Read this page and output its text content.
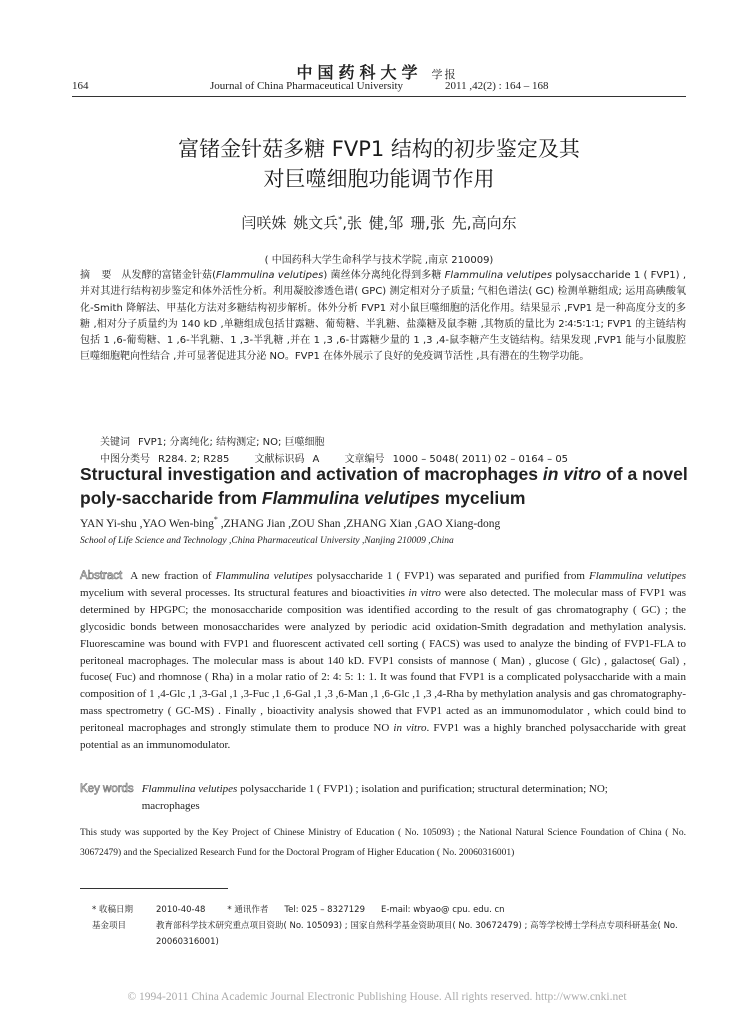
中国药科大学 学报
164	Journal of China Pharmaceutical University	2011 ,42(2) : 164 – 168
富锗金针菇多糖 FVP1 结构的初步鉴定及其
对巨噬细胞功能调节作用
闫咲姝 姚文兵*,张 健,邹 珊,张 先,高向东
( 中国药科大学生命科学与技术学院 ,南京 210009)
摘 要 从发酵的富锗金针菇(Flammulina velutipes) 菌丝体分离纯化得到多糖 Flammulina velutipes polysaccharide 1 ( FVP1) ,并对其进行结构初步鉴定和体外活性分析。利用凝胶渗透色谱( GPC) 测定相对分子质量; 气相色谱法( GC) 检测单糖组成; 运用高碘酸氧化-Smith 降解法、甲基化方法对多糖结构初步解析。体外分析 FVP1 对小鼠巨噬细胞的活化作用。结果显示 ,FVP1 是一种高度分支的多糖 ,相对分子质量约为 140 kD ,单糖组成包括甘露糖、葡萄糖、半乳糖、盐藻糖及鼠李糖 ,其物质的量比为 2∶4∶5∶1∶1; FVP1 的主链结构包括 1 ,6-葡萄糖、1 ,6-半乳糖、1 ,3-半乳糖 ,并在 1 ,3 ,6-甘露糖少量的 1 ,3 ,4-鼠李糖产生支链结构。结果发现 ,FVP1 能与小鼠腹腔巨噬细胞靶向性结合 ,并可显著促进其分泌 NO。FVP1 在体外展示了良好的免疫调节活性 ,具有潜在的生物学功能。
关键词 FVP1; 分离纯化; 结构测定; NO; 巨噬细胞
中图分类号 R284. 2; R285	文献标识码 A	文章编号 1000 – 5048( 2011) 02 – 0164 – 05
Structural investigation and activation of macrophages in vitro of a novel poly-saccharide from Flammulina velutipes mycelium
YAN Yi-shu ,YAO Wen-bing* ,ZHANG Jian ,ZOU Shan ,ZHANG Xian ,GAO Xiang-dong
School of Life Science and Technology ,China Pharmaceutical University ,Nanjing 210009 ,China
Abstract A new fraction of Flammulina velutipes polysaccharide 1 ( FVP1) was separated and purified from Flammulina velutipes mycelium with several processes. Its structural features and bioactivities in vitro were also detected. The molecular mass of FVP1 was determined by HPGPC; the monosaccharide composition was identified according to the result of gas chromatography ( GC) ; the glycosidic bonds between monosaccharides were analyzed by periodic acid oxidation-Smith degradation and methylation analysis. Fluorescamine was bound with FVP1 and fluorescent activated cell sorting ( FACS) was used to analyze the binding of FVP1-FLA to peritoneal macrophages. The molecular mass is about 140 kD. FVP1 consists of mannose ( Man) , glucose ( Glc) , galactose( Gal) , fucose( Fuc) and rhomnose ( Rha) in a molar ratio of 2: 4: 5: 1: 1. It was found that FVP1 is a complicated polysaccharide with a main composition of 1 ,4-Glc ,1 ,3-Gal ,1 ,3-Fuc ,1 ,6-Gal ,1 ,3 ,6-Man ,1 ,6-Glc ,1 ,3 ,4-Rha by methylation analysis and gas chromatography-mass spectrometry ( GC-MS) . Finally , bioactivity analysis showed that FVP1 acted as an immunomodulator , which could bind to peritoneal macrophages and strongly stimulate them to produce NO in vitro. FVP1 was a highly branched polysaccharide with great potential as an immunomodulator.
Key words Flammulina velutipes polysaccharide 1 ( FVP1) ; isolation and purification; structural determination; NO; macrophages
This study was supported by the Key Project of Chinese Ministry of Education ( No. 105093) ; the National Natural Science Foundation of China ( No. 30672479) and the Specialized Research Fund for the Doctoral Program of Higher Education ( No. 20060316001)
* 收稿日期	2010-40-48	* 通讯作者 Tel: 025 – 8327129 E-mail: wbyao@ cpu. edu. cn
基金项目	教育部科学技术研究重点项目资助( No. 105093) ; 国家自然科学基金资助项目( No. 30672479) ; 高等学校博士学科点专项科研基金( No. 20060316001)
© 1994-2011 China Academic Journal Electronic Publishing House. All rights reserved. http://www.cnki.net
